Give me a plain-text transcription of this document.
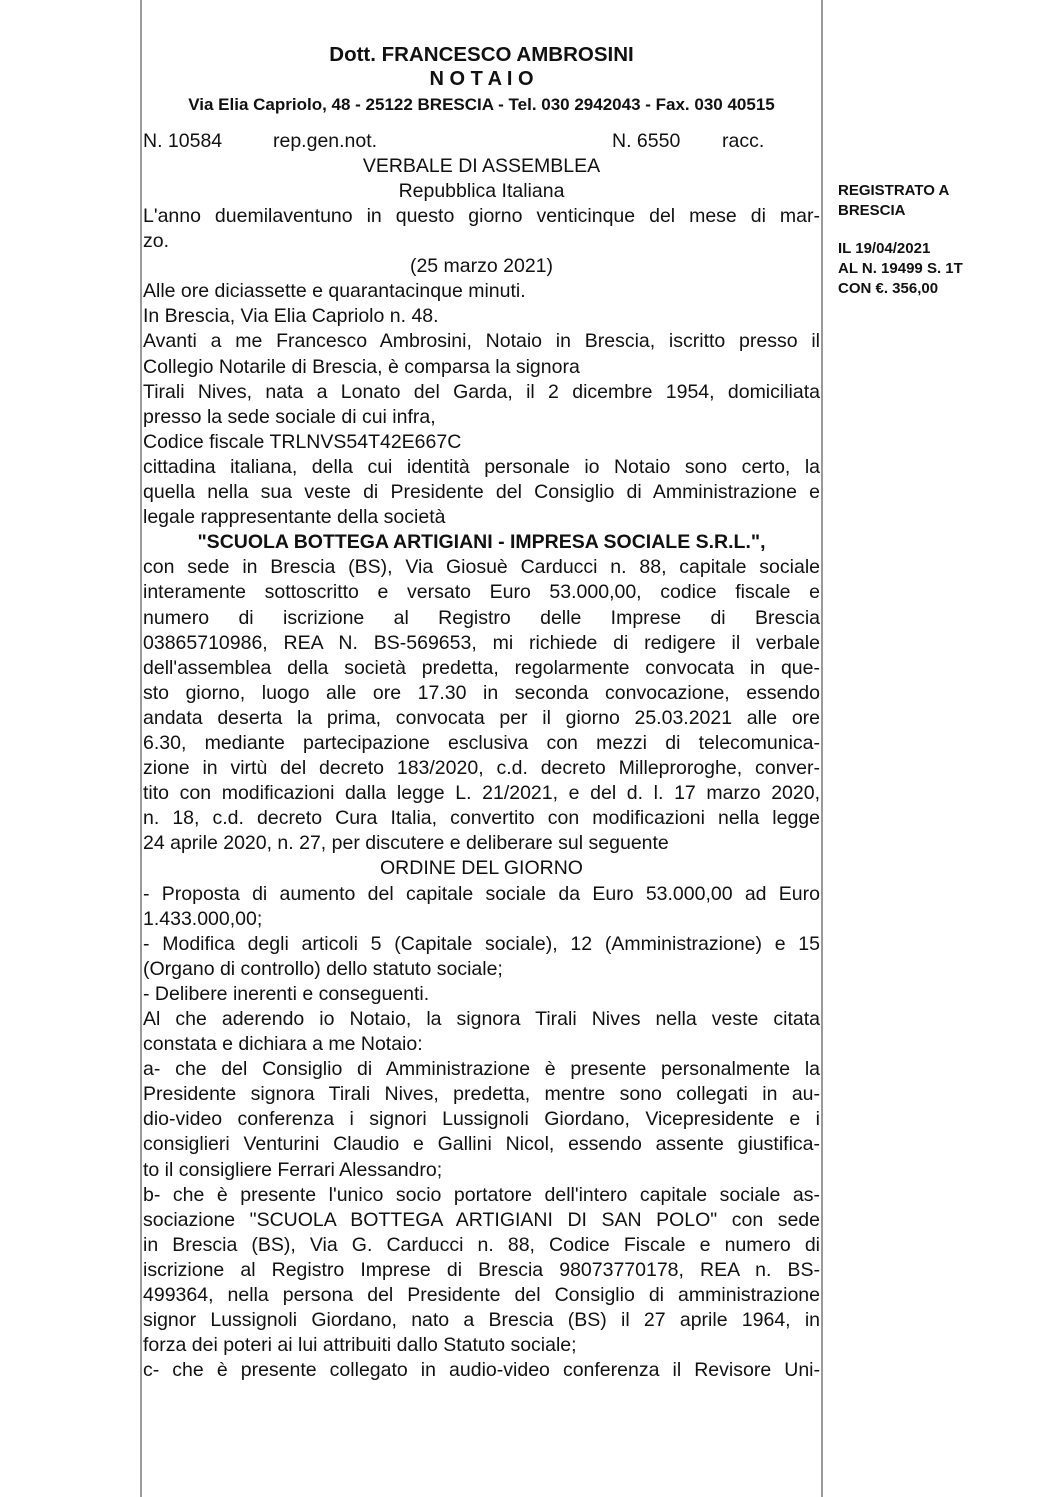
Dott. FRANCESCO AMBROSINI
N O T A I O
Via Elia Capriolo, 48 - 25122 BRESCIA - Tel. 030 2942043 - Fax. 030 40515
N. 10584	rep.gen.not.	N. 6550 racc.
VERBALE DI ASSEMBLEA
Repubblica Italiana
L'anno duemilaventuno in questo giorno venticinque del mese di mar-
zo.
(25 marzo 2021)
Alle ore diciassette e quarantacinque minuti.
In Brescia, Via Elia Capriolo n. 48.
Avanti a me Francesco Ambrosini, Notaio in Brescia, iscritto presso il
Collegio Notarile di Brescia, è comparsa la signora
Tirali Nives, nata a Lonato del Garda, il 2 dicembre 1954, domiciliata
presso la sede sociale di cui infra,
Codice fiscale TRLNVS54T42E667C
cittadina italiana, della cui identità personale io Notaio sono certo, la
quella nella sua veste di Presidente del Consiglio di Amministrazione e
legale rappresentante della società
"SCUOLA BOTTEGA ARTIGIANI - IMPRESA SOCIALE S.R.L.",
con sede in Brescia (BS), Via Giosuè Carducci n. 88, capitale sociale
interamente sottoscritto e versato Euro 53.000,00, codice fiscale e
numero di iscrizione al Registro delle Imprese di Brescia
03865710986, REA N. BS-569653, mi richiede di redigere il verbale
dell'assemblea della società predetta, regolarmente convocata in que-
sto giorno, luogo alle ore 17.30 in seconda convocazione, essendo
andata deserta la prima, convocata per il giorno 25.03.2021 alle ore
6.30, mediante partecipazione esclusiva con mezzi di telecomunica-
zione in virtù del decreto 183/2020, c.d. decreto Milleproroghe, conver-
tito con modificazioni dalla legge L. 21/2021, e del d. l. 17 marzo 2020,
n. 18, c.d. decreto Cura Italia, convertito con modificazioni nella legge
24 aprile 2020, n. 27, per discutere e deliberare sul seguente
ORDINE DEL GIORNO
- Proposta di aumento del capitale sociale da Euro 53.000,00 ad Euro
1.433.000,00;
- Modifica degli articoli 5 (Capitale sociale), 12 (Amministrazione) e 15
(Organo di controllo) dello statuto sociale;
- Delibere inerenti e conseguenti.
Al che aderendo io Notaio, la signora Tirali Nives nella veste citata
constata e dichiara a me Notaio:
a- che del Consiglio di Amministrazione è presente personalmente la
Presidente signora Tirali Nives, predetta, mentre sono collegati in au-
dio-video conferenza i signori Lussignoli Giordano, Vicepresidente e i
consiglieri Venturini Claudio e Gallini Nicol, essendo assente giustifica-
to il consigliere Ferrari Alessandro;
b- che è presente l'unico socio portatore dell'intero capitale sociale as-
sociazione "SCUOLA BOTTEGA ARTIGIANI DI SAN POLO" con sede
in Brescia (BS), Via G. Carducci n. 88, Codice Fiscale e numero di
iscrizione al Registro Imprese di Brescia 98073770178, REA n. BS-
499364, nella persona del Presidente del Consiglio di amministrazione
signor Lussignoli Giordano, nato a Brescia (BS) il 27 aprile 1964, in
forza dei poteri ai lui attribuiti dallo Statuto sociale;
c- che è presente collegato in audio-video conferenza il Revisore Uni-
REGISTRATO A
BRESCIA
IL 19/04/2021
AL N. 19499 S. 1T
CON €. 356,00
